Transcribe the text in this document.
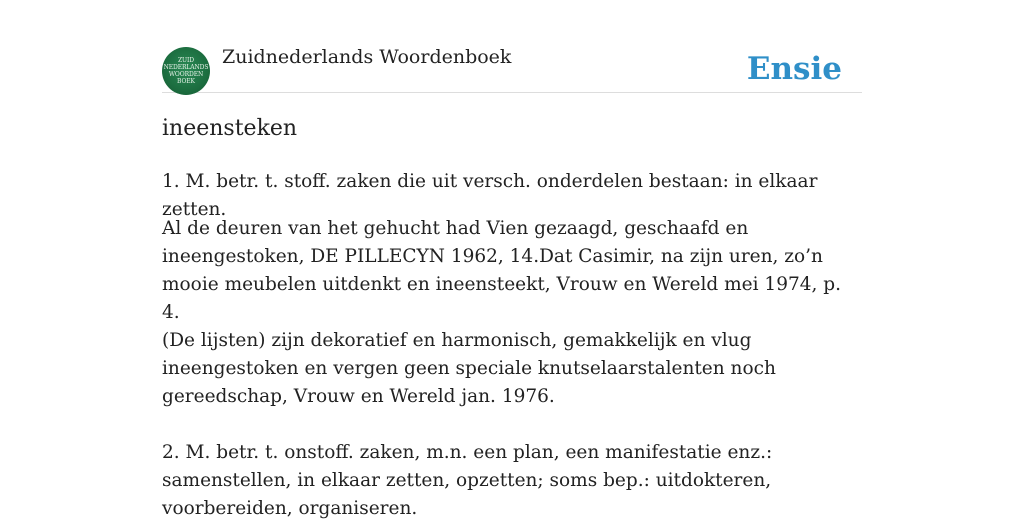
ZUID
NEDERLANDS
WOORDEN
BOEK
Zuidnederlands Woordenboek	Ensie
ineensteken

1. M. betr. t. stoff. zaken die uit versch. onderdelen bestaan: in elkaar zetten.

Al de deuren van het gehucht had Vien gezaagd, geschaafd en ineengestoken, DE PILLECYN 1962, 14.Dat Casimir, na zijn uren, zo’n mooie meubelen uitdenkt en ineensteekt, Vrouw en Wereld mei 1974, p. 4.

(De lijsten) zijn dekoratief en harmonisch, gemakkelijk en vlug ineengestoken en vergen geen speciale knutselaarstalenten noch gereedschap, Vrouw en Wereld jan. 1976.

2. M. betr. t. onstoff. zaken, m.n. een plan, een manifestatie enz.: samenstellen, in elkaar zetten, opzetten; soms bep.: uitdokteren, voorbereiden, organiseren.
